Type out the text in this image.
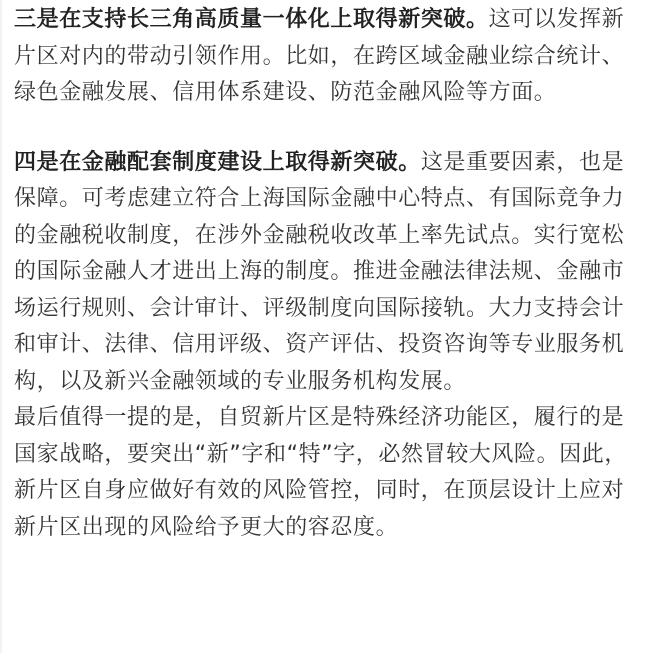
三是在支持长三角高质量一体化上取得新突破。这可以发挥新片区对内的带动引领作用。比如，在跨区域金融业综合统计、绿色金融发展、信用体系建设、防范金融风险等方面。

四是在金融配套制度建设上取得新突破。这是重要因素，也是保障。可考虑建立符合上海国际金融中心特点、有国际竞争力的金融税收制度，在涉外金融税收改革上率先试点。实行宽松的国际金融人才进出上海的制度。推进金融法律法规、金融市场运行规则、会计审计、评级制度向国际接轨。大力支持会计和审计、法律、信用评级、资产评估、投资咨询等专业服务机构，以及新兴金融领域的专业服务机构发展。

最后值得一提的是，自贸新片区是特殊经济功能区，履行的是国家战略，要突出“新”字和“特”字，必然冒较大风险。因此，新片区自身应做好有效的风险管控，同时，在顶层设计上应对新片区出现的风险给予更大的容忍度。
